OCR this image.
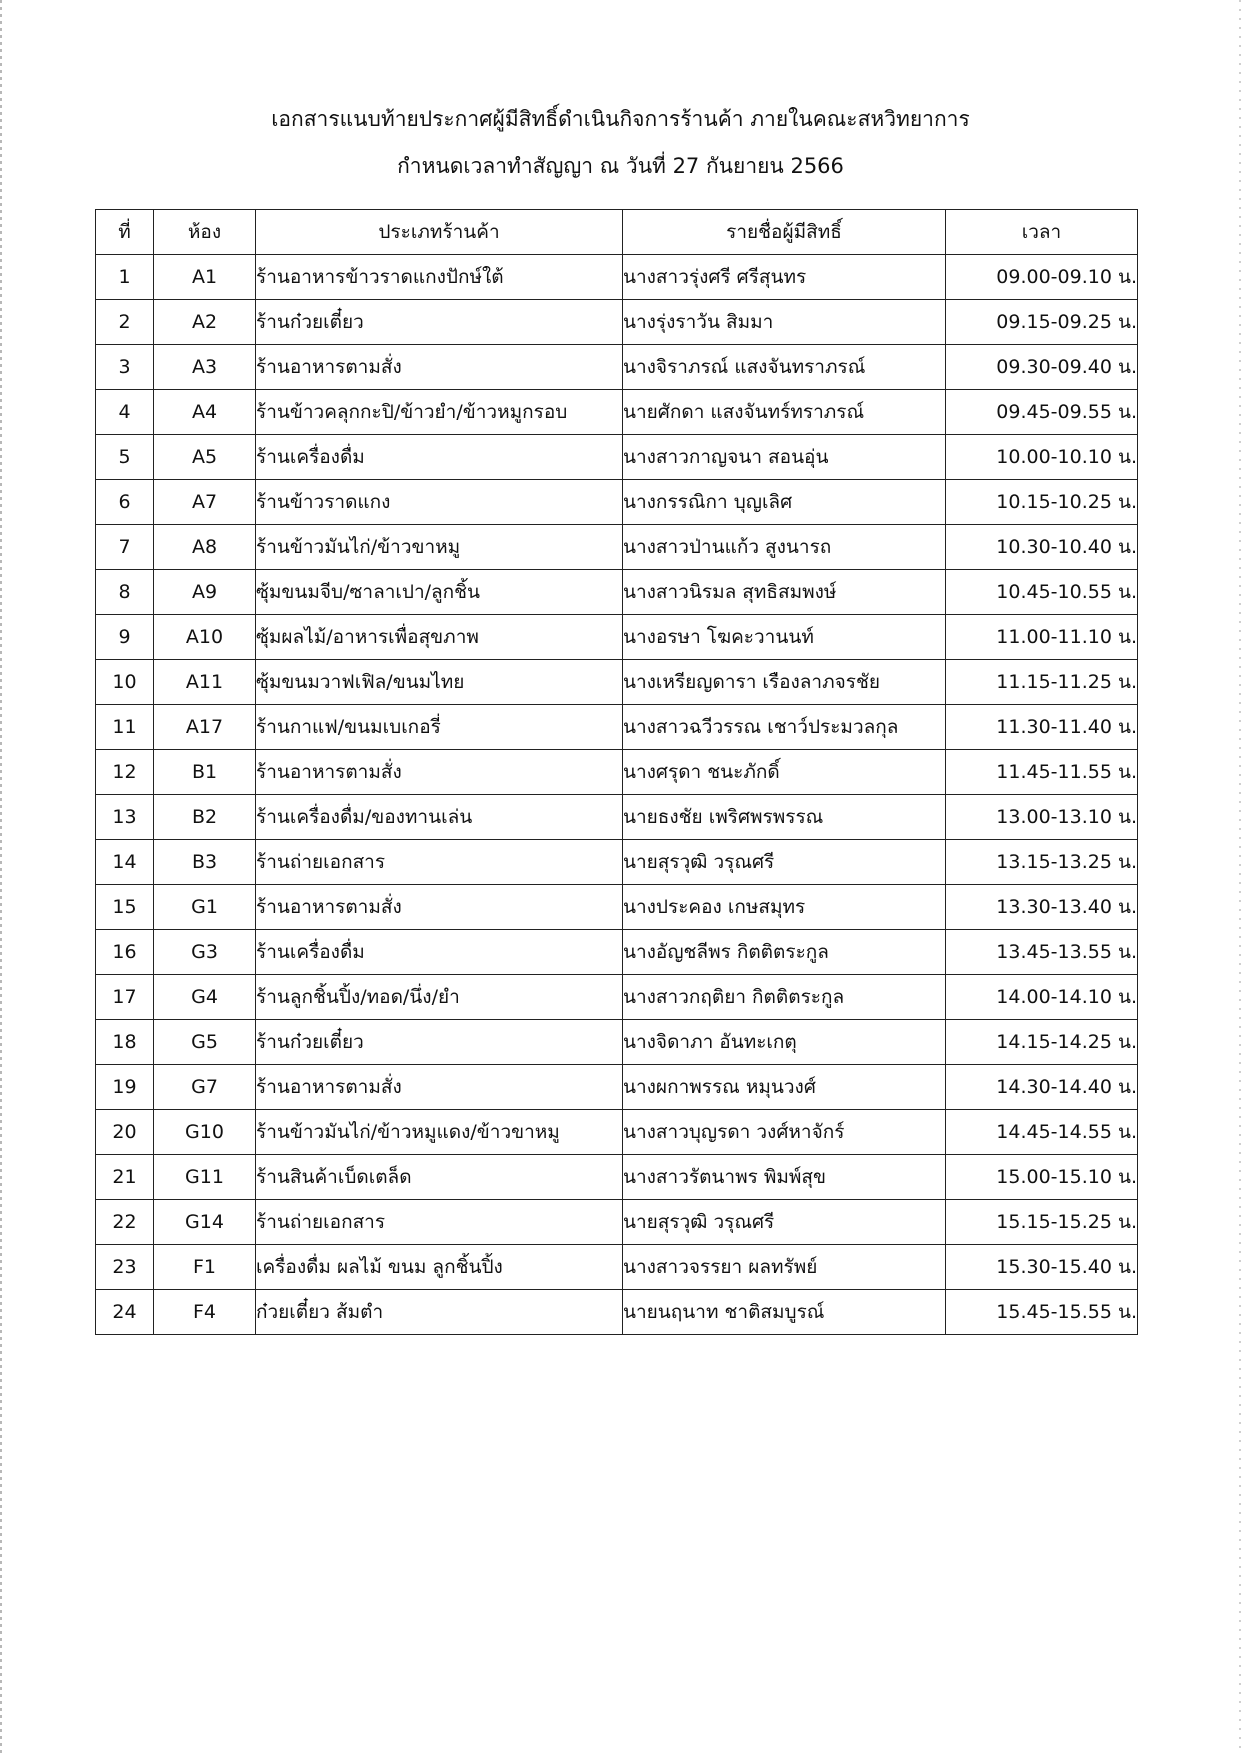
เอกสารแนบท้ายประกาศผู้มีสิทธิ์ดำเนินกิจการร้านค้า ภายในคณะสหวิทยาการ
กำหนดเวลาทำสัญญา ณ วันที่ 27 กันยายน 2566
ที่	ห้อง	ประเภทร้านค้า	รายชื่อผู้มีสิทธิ์	เวลา
1	A1	ร้านอาหารข้าวราดแกงปักษ์ใต้	นางสาวรุ่งศรี ศรีสุนทร	09.00-09.10 น.
2	A2	ร้านก๋วยเตี๋ยว	นางรุ่งราวัน สิมมา	09.15-09.25 น.
3	A3	ร้านอาหารตามสั่ง	นางจิราภรณ์ แสงจันทราภรณ์	09.30-09.40 น.
4	A4	ร้านข้าวคลุกกะปิ/ข้าวยำ/ข้าวหมูกรอบ	นายศักดา แสงจันทร์ทราภรณ์	09.45-09.55 น.
5	A5	ร้านเครื่องดื่ม	นางสาวกาญจนา สอนอุ่น	10.00-10.10 น.
6	A7	ร้านข้าวราดแกง	นางกรรณิกา บุญเลิศ	10.15-10.25 น.
7	A8	ร้านข้าวมันไก่/ข้าวขาหมู	นางสาวป่านแก้ว สูงนารถ	10.30-10.40 น.
8	A9	ซุ้มขนมจีบ/ซาลาเปา/ลูกชิ้น	นางสาวนิรมล สุทธิสมพงษ์	10.45-10.55 น.
9	A10	ซุ้มผลไม้/อาหารเพื่อสุขภาพ	นางอรษา โฆคะวานนท์	11.00-11.10 น.
10	A11	ซุ้มขนมวาฟเฟิล/ขนมไทย	นางเหรียญดารา เรืองลาภจรชัย	11.15-11.25 น.
11	A17	ร้านกาแฟ/ขนมเบเกอรี่	นางสาวฉวีวรรณ เชาว์ประมวลกุล	11.30-11.40 น.
12	B1	ร้านอาหารตามสั่ง	นางศรุดา ชนะภักดิ์	11.45-11.55 น.
13	B2	ร้านเครื่องดื่ม/ของทานเล่น	นายธงชัย เพริศพรพรรณ	13.00-13.10 น.
14	B3	ร้านถ่ายเอกสาร	นายสุรวุฒิ วรุณศรี	13.15-13.25 น.
15	G1	ร้านอาหารตามสั่ง	นางประคอง เกษสมุทร	13.30-13.40 น.
16	G3	ร้านเครื่องดื่ม	นางอัญชลีพร กิตติตระกูล	13.45-13.55 น.
17	G4	ร้านลูกชิ้นปิ้ง/ทอด/นึ่ง/ยำ	นางสาวกฤติยา กิตติตระกูล	14.00-14.10 น.
18	G5	ร้านก๋วยเตี๋ยว	นางจิดาภา อันทะเกตุ	14.15-14.25 น.
19	G7	ร้านอาหารตามสั่ง	นางผกาพรรณ หมุนวงศ์	14.30-14.40 น.
20	G10	ร้านข้าวมันไก่/ข้าวหมูแดง/ข้าวขาหมู	นางสาวบุญรดา วงศ์หาจักร์	14.45-14.55 น.
21	G11	ร้านสินค้าเบ็ดเตล็ด	นางสาวรัตนาพร พิมพ์สุข	15.00-15.10 น.
22	G14	ร้านถ่ายเอกสาร	นายสุรวุฒิ วรุณศรี	15.15-15.25 น.
23	F1	เครื่องดื่ม ผลไม้ ขนม ลูกชิ้นปิ้ง	นางสาวจรรยา ผลทรัพย์	15.30-15.40 น.
24	F4	ก๋วยเตี๋ยว ส้มตำ	นายนฤนาท ชาติสมบูรณ์	15.45-15.55 น.
